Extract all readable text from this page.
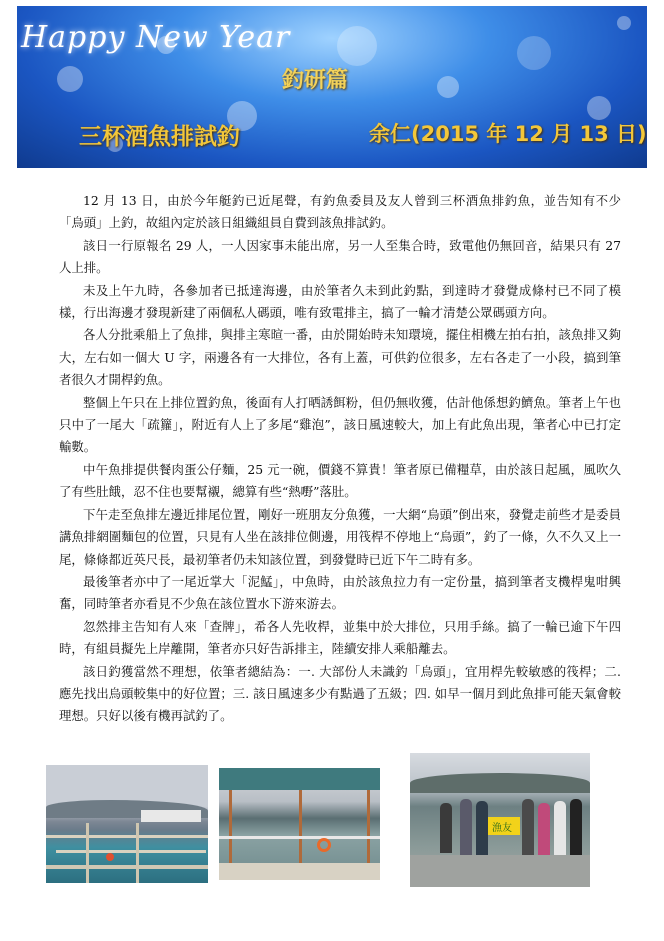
Happy New Year
釣研篇
三杯酒魚排試釣	余仁(2015 年 12 月 13 日)

12 月 13 日，由於今年艇釣已近尾聲，有釣魚委員及友人曾到三杯酒魚排釣魚，並告知有不少「烏頭」上釣，故組內定於該日組織組員自費到該魚排試釣。

該日一行原報名 29 人，一人因家事未能出席，另一人至集合時，致電他仍無回音，結果只有 27 人上排。

未及上午九時，各參加者已抵達海邊，由於筆者久未到此釣點，到達時才發覺成條村已不同了模樣，行出海邊才發現新建了兩個私人碼頭，唯有致電排主，搞了一輪才清楚公眾碼頭方向。

各人分批乘船上了魚排，與排主寒暄一番，由於開始時未知環境，擺住相機左拍右拍，該魚排又夠大，左右如一個大 U 字，兩邊各有一大排位，各有上蓋，可供釣位很多，左右各走了一小段，搞到筆者很久才開桿釣魚。

整個上午只在上排位置釣魚，後面有人打晒誘餌粉，但仍無收獲，估計他係想釣鱭魚。筆者上午也只中了一尾大「疏籮」，附近有人上了多尾“雞泡”，該日風速較大，加上有此魚出現，筆者心中已打定輸數。

中午魚排提供餐肉蛋公仔麵，25 元一碗，價錢不算貴！筆者原已備糧草，由於該日起風，風吹久了有些肚餓，忍不住也要幫襯，總算有些“熱嘢”落肚。

下午走至魚排左邊近排尾位置，剛好一班朋友分魚獲，一大網“烏頭”倒出來，發覺走前些才是委員講魚排網圍麵包的位置，只見有人坐在該排位側邊，用筏桿不停地上“烏頭”，釣了一條，久不久又上一尾，條條都近英尺長，最初筆者仍未知該位置，到發覺時已近下午二時有多。

最後筆者亦中了一尾近掌大「泥鯭」，中魚時，由於該魚拉力有一定份量，搞到筆者支機桿鬼咁興奮，同時筆者亦看見不少魚在該位置水下游來游去。

忽然排主告知有人來「查牌」，希各人先收桿，並集中於大排位，只用手絲。搞了一輪已逾下午四時，有組員擬先上岸離開，筆者亦只好告訴排主，陸續安排人乘船離去。

該日釣獲當然不理想，依筆者總結為：一. 大部份人未識釣「烏頭」，宜用桿先較敏感的筏桿；二. 應先找出烏頭較集中的好位置；三. 該日風速多少有點過了五級；四. 如早一個月到此魚排可能天氣會較理想。只好以後有機再試釣了。

漁友
